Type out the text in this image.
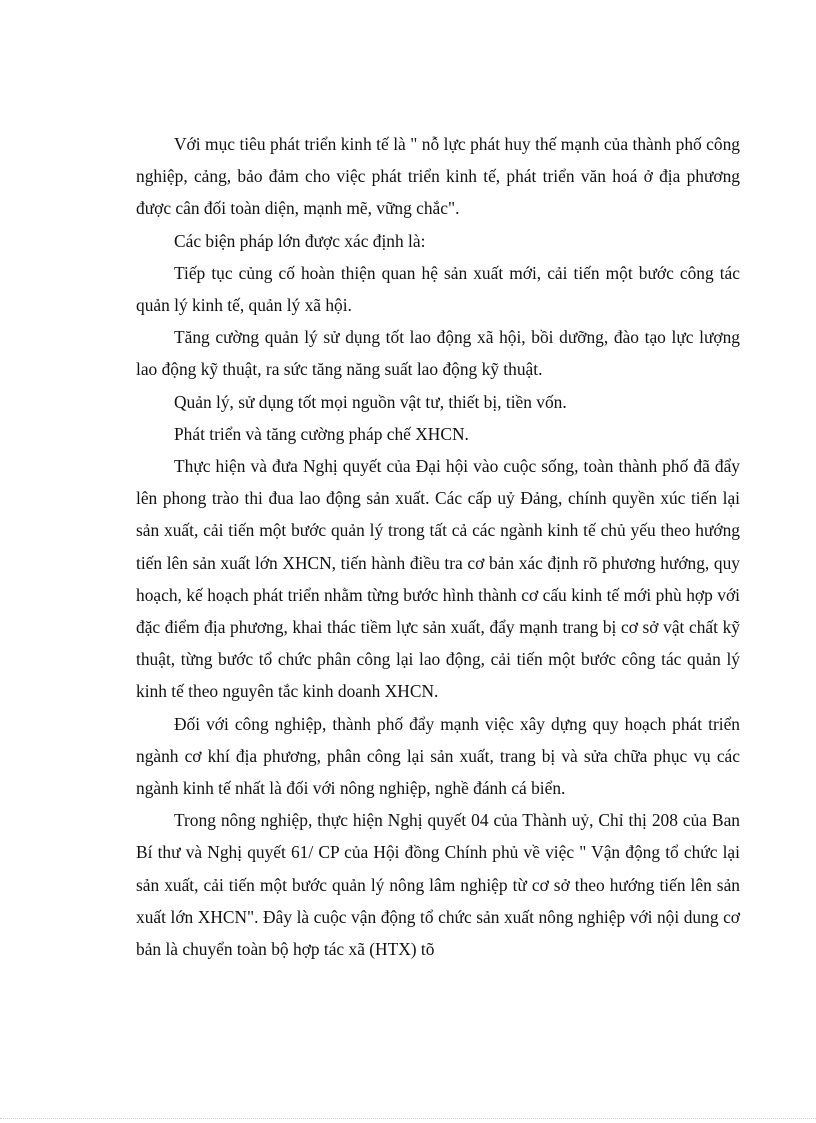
Với mục tiêu phát triển kinh tế là " nỗ lực phát huy thế mạnh của thành phố công nghiệp, cảng, bảo đảm cho việc phát triển kinh tế, phát triển văn hoá ở địa phương được cân đối toàn diện, mạnh mẽ, vững chắc".

Các biện pháp lớn được xác định là:

Tiếp tục củng cố hoàn thiện quan hệ sản xuất mới, cải tiến một bước công tác quản lý kinh tế, quản lý xã hội.

Tăng cường quản lý sử dụng tốt lao động xã hội, bồi dưỡng, đào tạo lực lượng lao động kỹ thuật, ra sức tăng năng suất lao động kỹ thuật.

Quản lý, sử dụng tốt mọi nguồn vật tư, thiết bị, tiền vốn.

Phát triển và tăng cường pháp chế XHCN.

Thực hiện và đưa Nghị quyết của Đại hội vào cuộc sống, toàn thành phố đã đẩy lên phong trào thi đua lao động sản xuất. Các cấp uỷ Đảng, chính quyền xúc tiến lại sản xuất, cải tiến một bước quản lý trong tất cả các ngành kinh tế chủ yếu theo hướng tiến lên sản xuất lớn XHCN, tiến hành điều tra cơ bản xác định rõ phương hướng, quy hoạch, kế hoạch phát triển nhằm từng bước hình thành cơ cấu kinh tế mới phù hợp với đặc điểm địa phương, khai thác tiềm lực sản xuất, đẩy mạnh trang bị cơ sở vật chất kỹ thuật, từng bước tổ chức phân công lại lao động, cải tiến một bước công tác quản lý kinh tế theo nguyên tắc kinh doanh XHCN.

Đối với công nghiệp, thành phố đẩy mạnh việc xây dựng quy hoạch phát triển ngành cơ khí địa phương, phân công lại sản xuất, trang bị và sửa chữa phục vụ các ngành kinh tế nhất là đối với nông nghiệp, nghề đánh cá biển.

Trong nông nghiệp, thực hiện Nghị quyết 04 của Thành uỷ, Chỉ thị 208 của Ban Bí thư và Nghị quyết 61/ CP của Hội đồng Chính phủ về việc " Vận động tổ chức lại sản xuất, cải tiến một bước quản lý nông lâm nghiệp từ cơ sở theo hướng tiến lên sản xuất lớn XHCN". Đây là cuộc vận động tổ chức sản xuất nông nghiệp với nội dung cơ bản là chuyển toàn bộ hợp tác xã (HTX) tõ
